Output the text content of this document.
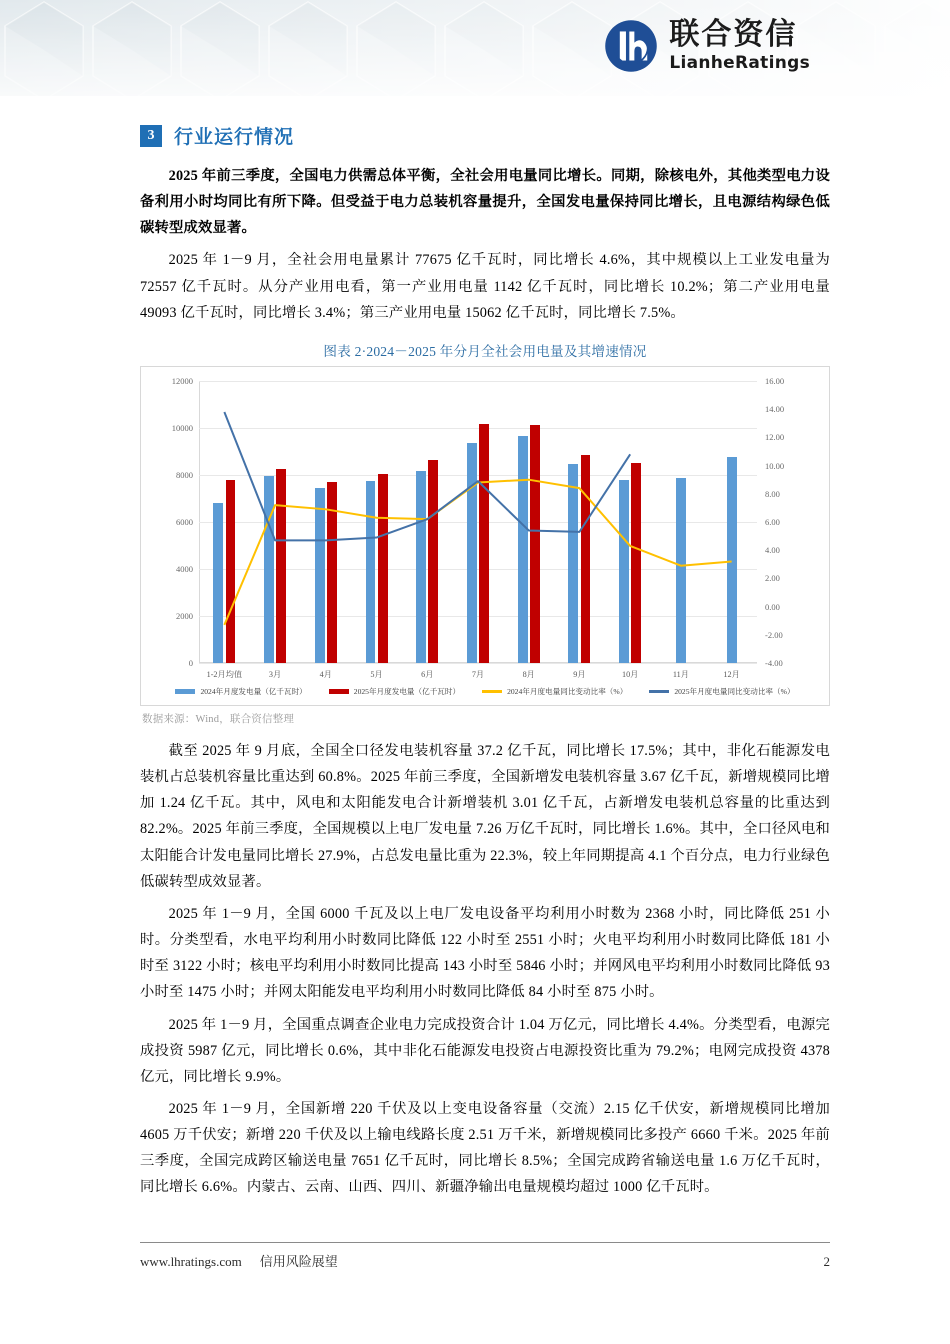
联合资信
LianheRatings
3	行业运行情况

2025 年前三季度，全国电力供需总体平衡，全社会用电量同比增长。同期，除核电外，其他类型电力设备利用小时均同比有所下降。但受益于电力总装机容量提升，全国发电量保持同比增长，且电源结构绿色低碳转型成效显著。

2025 年 1－9 月，全社会用电量累计 77675 亿千瓦时，同比增长 4.6%，其中规模以上工业发电量为 72557 亿千瓦时。从分产业用电看，第一产业用电量 1142 亿千瓦时，同比增长 10.2%；第二产业用电量 49093 亿千瓦时，同比增长 3.4%；第三产业用电量 15062 亿千瓦时，同比增长 7.5%。

图表 2·2024－2025 年分月全社会用电量及其增速情况
0
2000
4000
6000
8000
10000
12000
-4.00
-2.00
0.00
2.00
4.00
6.00
8.00
10.00
12.00
14.00
16.00
1-2月均值	3月	4月	5月	6月	7月	8月	9月	10月	11月	12月
2024年月度发电量（亿千瓦时）	2025年月度发电量（亿千瓦时）	2024年月度电量同比变动比率（%）	2025年月度电量同比变动比率（%）
数据来源：Wind，联合资信整理

截至 2025 年 9 月底，全国全口径发电装机容量 37.2 亿千瓦，同比增长 17.5%；其中，非化石能源发电装机占总装机容量比重达到 60.8%。2025 年前三季度，全国新增发电装机容量 3.67 亿千瓦，新增规模同比增加 1.24 亿千瓦。其中，风电和太阳能发电合计新增装机 3.01 亿千瓦，占新增发电装机总容量的比重达到 82.2%。2025 年前三季度，全国规模以上电厂发电量 7.26 万亿千瓦时，同比增长 1.6%。其中，全口径风电和太阳能合计发电量同比增长 27.9%，占总发电量比重为 22.3%，较上年同期提高 4.1 个百分点，电力行业绿色低碳转型成效显著。

2025 年 1－9 月，全国 6000 千瓦及以上电厂发电设备平均利用小时数为 2368 小时，同比降低 251 小时。分类型看，水电平均利用小时数同比降低 122 小时至 2551 小时；火电平均利用小时数同比降低 181 小时至 3122 小时；核电平均利用小时数同比提高 143 小时至 5846 小时；并网风电平均利用小时数同比降低 93 小时至 1475 小时；并网太阳能发电平均利用小时数同比降低 84 小时至 875 小时。

2025 年 1－9 月，全国重点调查企业电力完成投资合计 1.04 万亿元，同比增长 4.4%。分类型看，电源完成投资 5987 亿元，同比增长 0.6%，其中非化石能源发电投资占电源投资比重为 79.2%；电网完成投资 4378 亿元，同比增长 9.9%。

2025 年 1－9 月，全国新增 220 千伏及以上变电设备容量（交流）2.15 亿千伏安，新增规模同比增加 4605 万千伏安；新增 220 千伏及以上输电线路长度 2.51 万千米，新增规模同比多投产 6660 千米。2025 年前三季度，全国完成跨区输送电量 7651 亿千瓦时，同比增长 8.5%；全国完成跨省输送电量 1.6 万亿千瓦时，同比增长 6.6%。内蒙古、云南、山西、四川、新疆净输出电量规模均超过 1000 亿千瓦时。

www.lhratings.com 信用风险展望	2
